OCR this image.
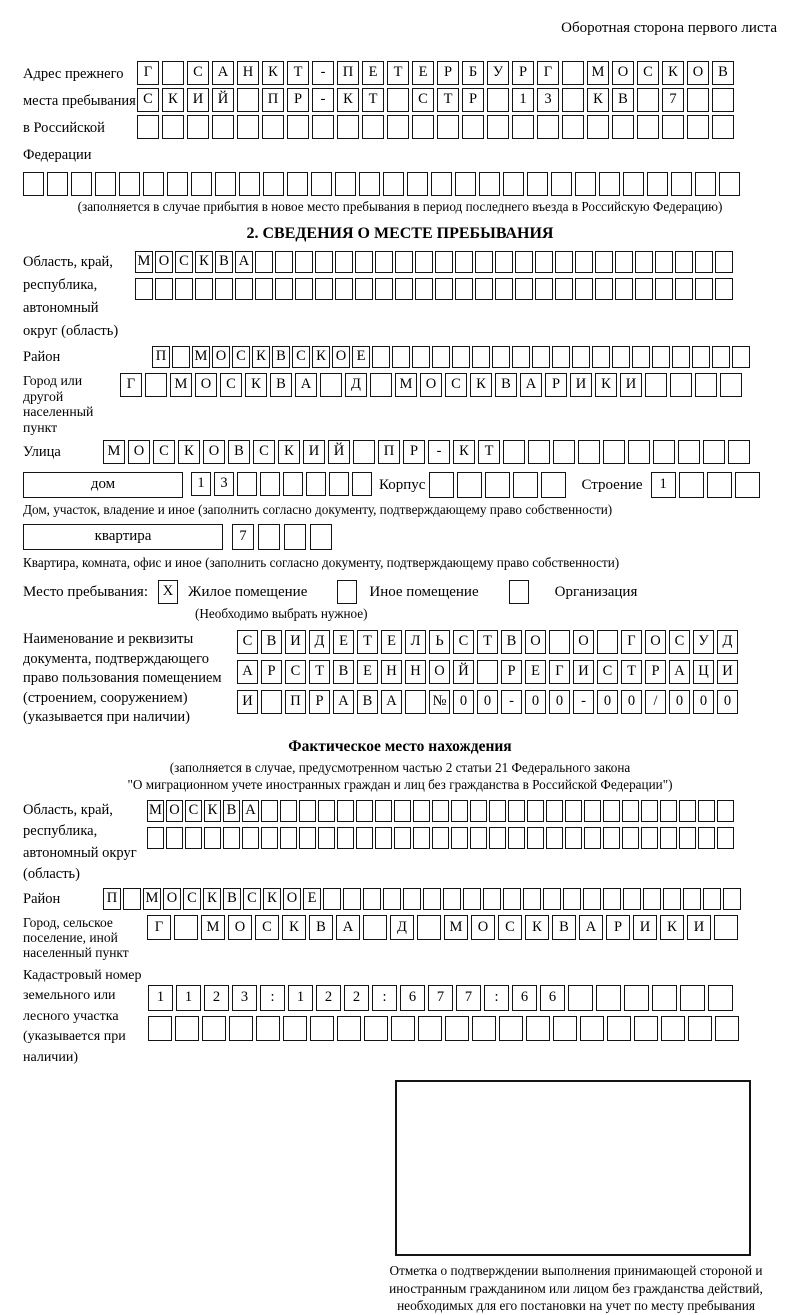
Оборотная сторона первого листа
Адрес прежнего места пребывания в Российской Федерации
Г	С	А	Н	К	Т	-	П	Е	Т	Е	Р	Б	У	Р	Г	М О	С	К	О	В
С	К	И	Й	П	Р	-	К	Т	С	Т	Р	1	3	К	В	7
(заполняется в случае прибытия в новое место пребывания в период последнего въезда в Российскую Федерацию)
2. СВЕДЕНИЯ О МЕСТЕ ПРЕБЫВАНИЯ
Область, край, республика, автономный округ (область)
М О С К В А
Район	П М О С К В С К О Е
Город или другой населенный пункт
Г	М О	С	К	В	А	Д	М О	С	К	В	А	Р	И	К	И
Улица	М О	С	К	О	В	С	К	И	Й	П	Р	-	К	Т
дом	1	3	Корпус	Строение	1
Дом, участок, владение и иное (заполнить согласно документу, подтверждающему право собственности)
квартира	7
Квартира, комната, офис и иное (заполнить согласно документу, подтверждающему право собственности)
Место пребывания:	X Жилое помещение	Иное помещение	Организация
(Необходимо выбрать нужное)
Наименование и реквизиты документа, подтверждающего право пользования помещением (строением, сооружением) (указывается при наличии)
С В И Д	Е	Т	Е	Л	Ь	С	Т	В О	О	Г	О С У Д
А	Р	С	Т	В	Е Н Н О Й	Р	Е	Г	И С	Т	Р	А Ц И
И	П	Р	А В А	№ 0	0	-	0	0	-	0	0	/	0	0	0
Фактическое место нахождения
(заполняется в случае, предусмотренном частью 2 статьи 21 Федерального закона
"О миграционном учете иностранных граждан и лиц без гражданства в Российской Федерации")
Область, край, республика, автономный округ (область)
М О С К В А
Район	П М О С К В С К О Е
Город, сельское поселение, иной населенный пункт
Г	М	О	С	К	В	А	Д	М	О	С	К	В	А	Р	И	К	И
Кадастровый номер земельного или лесного участка (указывается при наличии)
1	1	2	3	:	1	2	2	:	6	7	7	:	6	6
Отметка о подтверждении выполнения принимающей стороной и иностранным гражданином или лицом без гражданства действий, необходимых для его постановки на учет по месту пребывания
